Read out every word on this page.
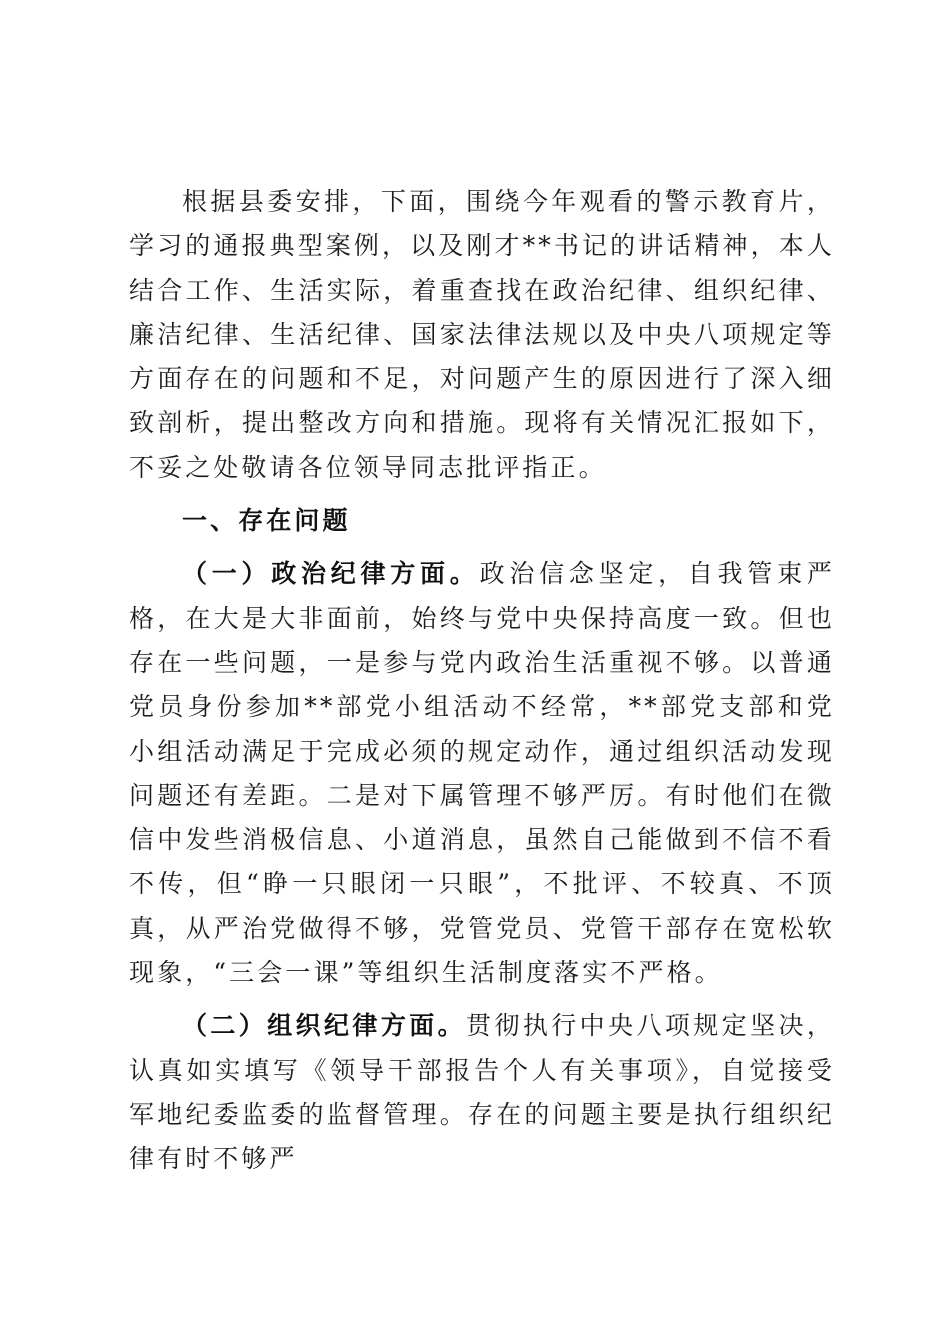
根据县委安排，下面，围绕今年观看的警示教育片，学习的通报典型案例，以及刚才**书记的讲话精神，本人结合工作、生活实际，着重查找在政治纪律、组织纪律、廉洁纪律、生活纪律、国家法律法规以及中央八项规定等方面存在的问题和不足，对问题产生的原因进行了深入细致剖析，提出整改方向和措施。现将有关情况汇报如下，不妥之处敬请各位领导同志批评指正。

一、存在问题

（一）政治纪律方面。政治信念坚定，自我管束严格，在大是大非面前，始终与党中央保持高度一致。但也存在一些问题，一是参与党内政治生活重视不够。以普通党员身份参加**部党小组活动不经常，**部党支部和党小组活动满足于完成必须的规定动作，通过组织活动发现问题还有差距。二是对下属管理不够严厉。有时他们在微信中发些消极信息、小道消息，虽然自己能做到不信不看不传，但“睁一只眼闭一只眼”，不批评、不较真、不顶真，从严治党做得不够，党管党员、党管干部存在宽松软现象，“三会一课”等组织生活制度落实不严格。

（二）组织纪律方面。贯彻执行中央八项规定坚决，认真如实填写《领导干部报告个人有关事项》，自觉接受军地纪委监委的监督管理。存在的问题主要是执行组织纪律有时不够严
